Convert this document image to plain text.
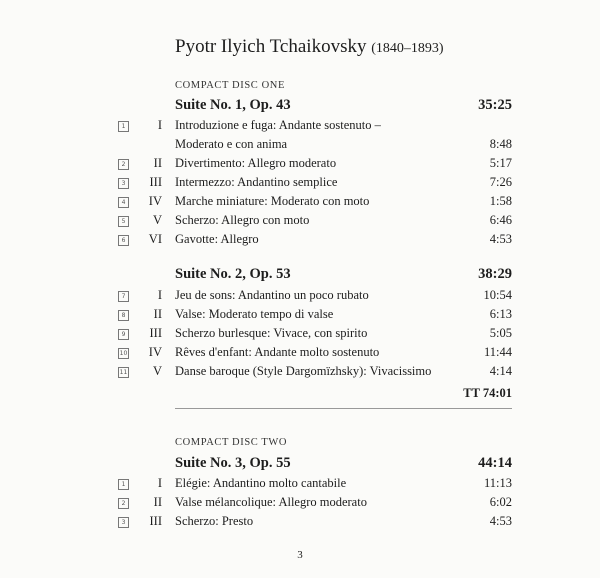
Pyotr Ilyich Tchaikovsky (1840–1893)
COMPACT DISC ONE
Suite No. 1, Op. 43	35:25
1	I Introduzione e fuga: Andante sostenuto –
Moderato e con anima	8:48
2	II Divertimento: Allegro moderato	5:17
3	III Intermezzo: Andantino semplice	7:26
4	IV Marche miniature: Moderato con moto	1:58
5	V Scherzo: Allegro con moto	6:46
6	VI Gavotte: Allegro	4:53
Suite No. 2, Op. 53	38:29
7	I Jeu de sons: Andantino un poco rubato	10:54
8	II Valse: Moderato tempo di valse	6:13
9	III Scherzo burlesque: Vivace, con spirito	5:05
10	IV Rêves d'enfant: Andante molto sostenuto	11:44
11	V Danse baroque (Style Dargomïzhsky): Vivacissimo	4:14
TT 74:01
COMPACT DISC TWO
Suite No. 3, Op. 55	44:14
1	I Elégie: Andantino molto cantabile	11:13
2	II Valse mélancolique: Allegro moderato	6:02
3	III Scherzo: Presto	4:53
3
